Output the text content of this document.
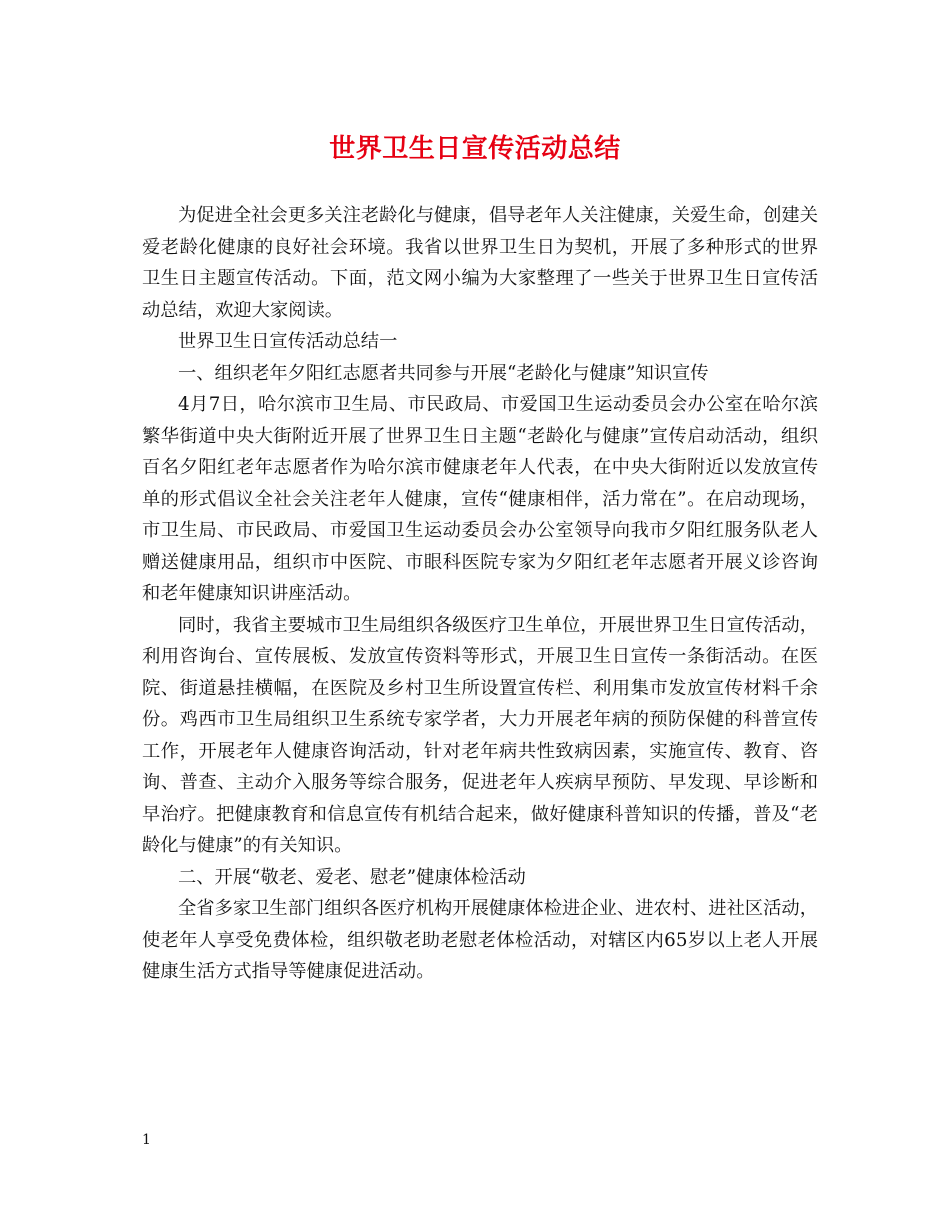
世界卫生日宣传活动总结

为促进全社会更多关注老龄化与健康，倡导老年人关注健康，关爱生命，创建关爱老龄化健康的良好社会环境。我省以世界卫生日为契机，开展了多种形式的世界卫生日主题宣传活动。下面，范文网小编为大家整理了一些关于世界卫生日宣传活动总结，欢迎大家阅读。

世界卫生日宣传活动总结一

一、组织老年夕阳红志愿者共同参与开展“老龄化与健康”知识宣传

4月7日，哈尔滨市卫生局、市民政局、市爱国卫生运动委员会办公室在哈尔滨繁华街道中央大街附近开展了世界卫生日主题“老龄化与健康”宣传启动活动，组织百名夕阳红老年志愿者作为哈尔滨市健康老年人代表，在中央大街附近以发放宣传单的形式倡议全社会关注老年人健康，宣传“健康相伴，活力常在”。在启动现场，市卫生局、市民政局、市爱国卫生运动委员会办公室领导向我市夕阳红服务队老人赠送健康用品，组织市中医院、市眼科医院专家为夕阳红老年志愿者开展义诊咨询和老年健康知识讲座活动。

同时，我省主要城市卫生局组织各级医疗卫生单位，开展世界卫生日宣传活动，利用咨询台、宣传展板、发放宣传资料等形式，开展卫生日宣传一条街活动。在医院、街道悬挂横幅，在医院及乡村卫生所设置宣传栏、利用集市发放宣传材料千余份。鸡西市卫生局组织卫生系统专家学者，大力开展老年病的预防保健的科普宣传工作，开展老年人健康咨询活动，针对老年病共性致病因素，实施宣传、教育、咨询、普查、主动介入服务等综合服务，促进老年人疾病早预防、早发现、早诊断和早治疗。把健康教育和信息宣传有机结合起来，做好健康科普知识的传播，普及“老龄化与健康”的有关知识。

二、开展“敬老、爱老、慰老”健康体检活动

全省多家卫生部门组织各医疗机构开展健康体检进企业、进农村、进社区活动，使老年人享受免费体检，组织敬老助老慰老体检活动，对辖区内65岁以上老人开展健康生活方式指导等健康促进活动。

1
